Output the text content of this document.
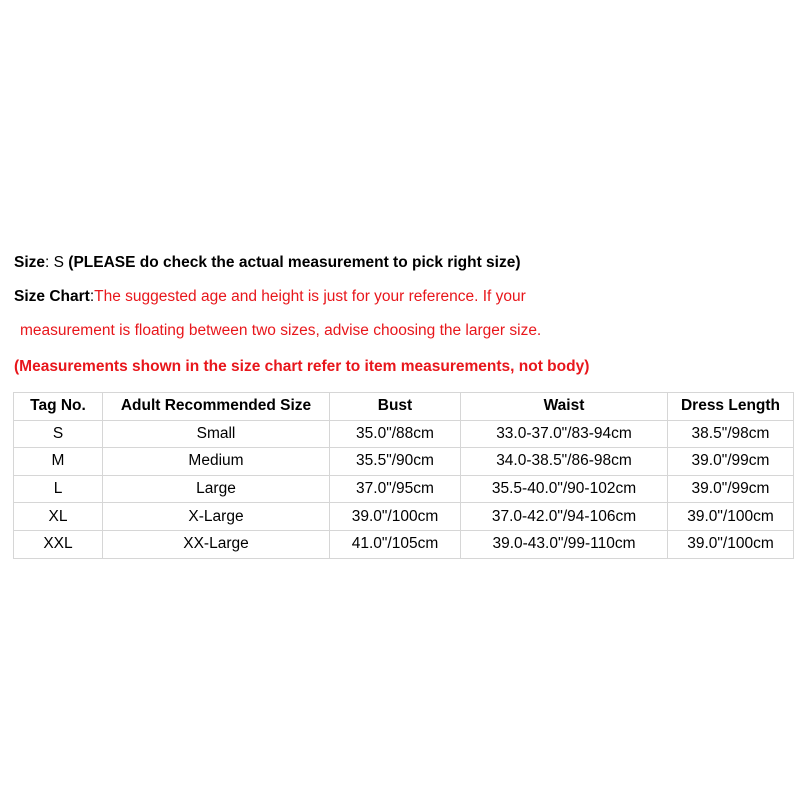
Size: S (PLEASE do check the actual measurement to pick right size)
Size Chart:The suggested age and height is just for your reference. If your
measurement is floating between two sizes, advise choosing the larger size.
(Measurements shown in the size chart refer to item measurements, not body)
Tag No.	Adult Recommended Size	Bust	Waist	Dress Length
S	Small	35.0"/88cm	33.0-37.0"/83-94cm	38.5"/98cm
M	Medium	35.5"/90cm	34.0-38.5"/86-98cm	39.0"/99cm
L	Large	37.0"/95cm	35.5-40.0"/90-102cm	39.0"/99cm
XL	X-Large	39.0"/100cm	37.0-42.0"/94-106cm	39.0"/100cm
XXL	XX-Large	41.0"/105cm	39.0-43.0"/99-110cm	39.0"/100cm
